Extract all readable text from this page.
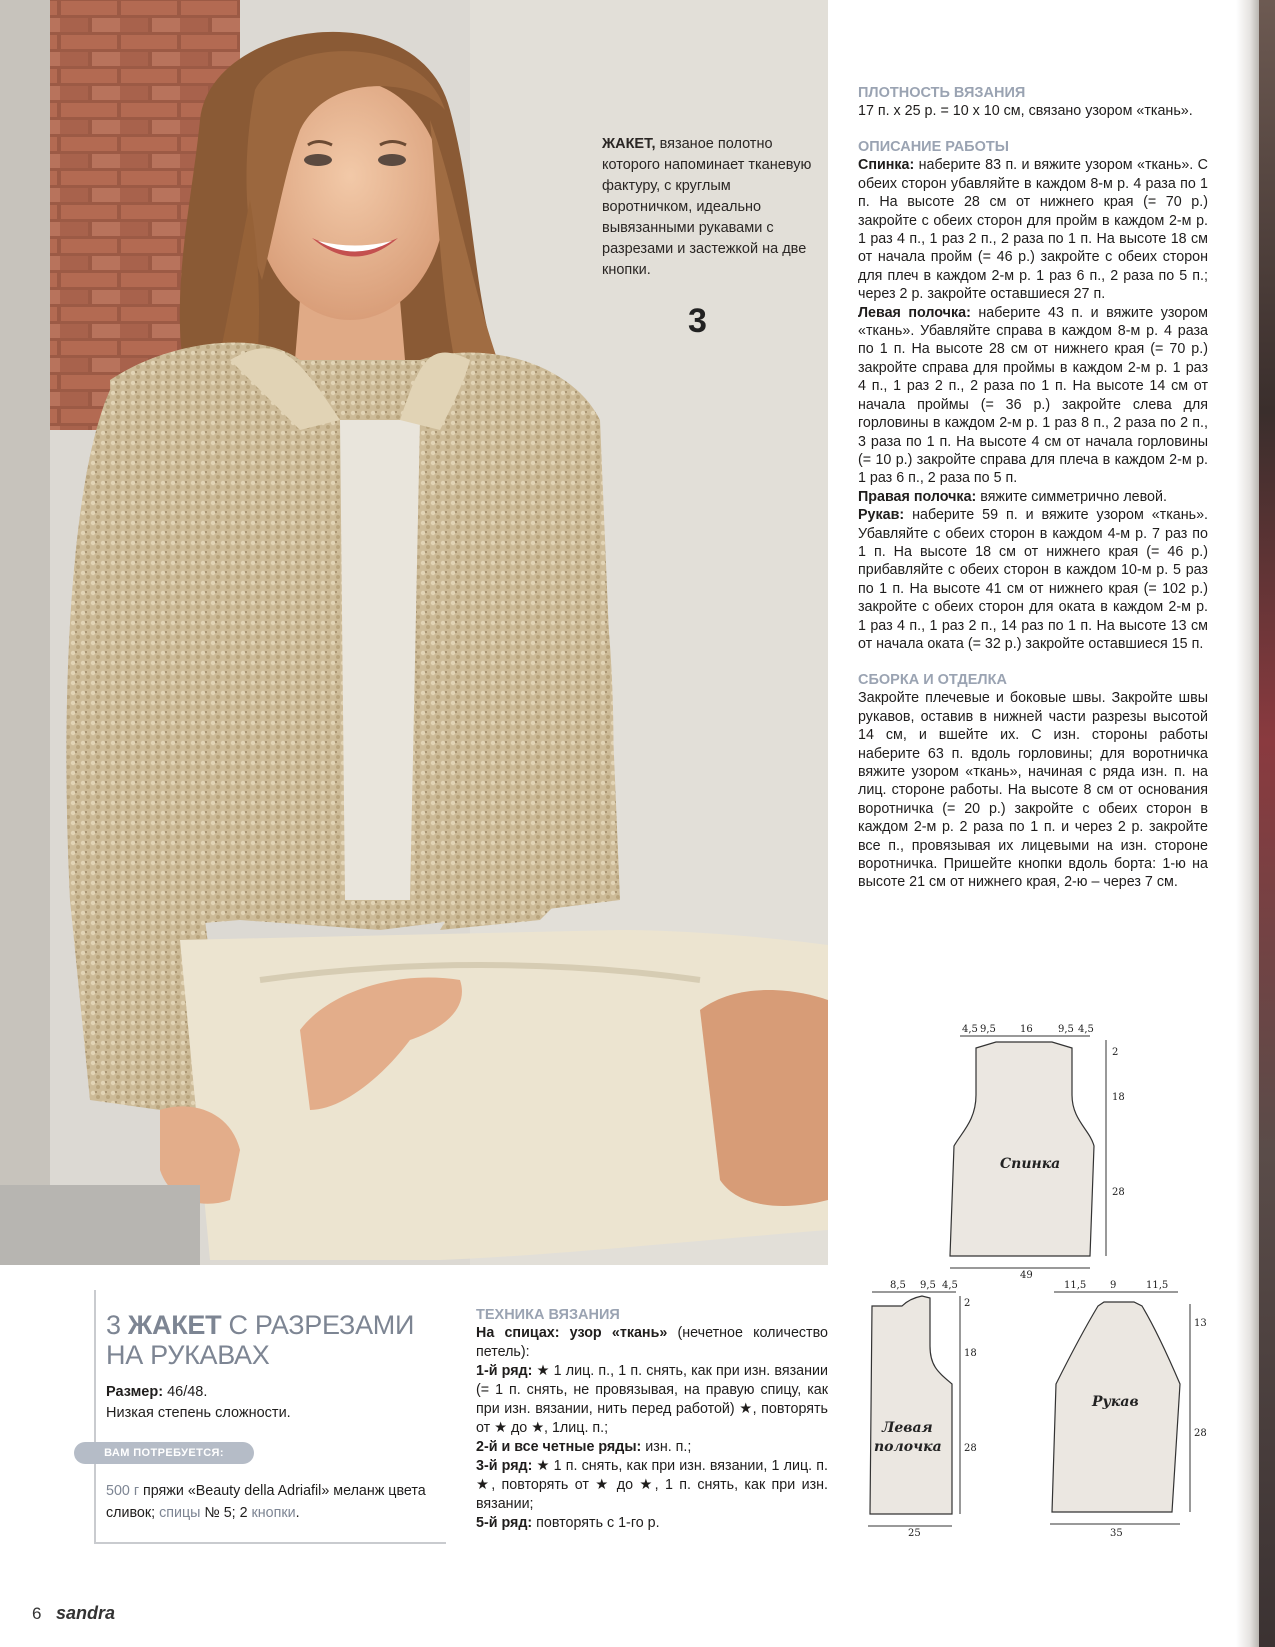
ЖАКЕТ, вязаное полотно которого напоминает тканевую фактуру, с круглым воротничком, идеально вывязанными рукавами с разрезами и застежкой на две кнопки.
3

ПЛОТНОСТЬ ВЯЗАНИЯ

17 п. x 25 р. = 10 x 10 см, связано узором «ткань».

ОПИСАНИЕ РАБОТЫ

Спинка: наберите 83 п. и вяжите узором «ткань». С обеих сторон убавляйте в каждом 8-м р. 4 раза по 1 п. На высоте 28 см от нижнего края (= 70 р.) закройте с обеих сторон для пройм в каждом 2-м р. 1 раз 4 п., 1 раз 2 п., 2 раза по 1 п. На высоте 18 см от начала пройм (= 46 р.) закройте с обеих сторон для плеч в каждом 2-м р. 1 раз 6 п., 2 раза по 5 п.; через 2 р. закройте оставшиеся 27 п.

Левая полочка: наберите 43 п. и вяжите узором «ткань». Убавляйте справа в каждом 8-м р. 4 раза по 1 п. На высоте 28 см от нижнего края (= 70 р.) закройте справа для проймы в каждом 2-м р. 1 раз 4 п., 1 раз 2 п., 2 раза по 1 п. На высоте 14 см от начала проймы (= 36 р.) закройте слева для горловины в каждом 2-м р. 1 раз 8 п., 2 раза по 2 п., 3 раза по 1 п. На высоте 4 см от начала горловины (= 10 р.) закройте справа для плеча в каждом 2-м р. 1 раз 6 п., 2 раза по 5 п.

Правая полочка: вяжите симметрично левой.

Рукав: наберите 59 п. и вяжите узором «ткань». Убавляйте с обеих сторон в каждом 4-м р. 7 раз по 1 п. На высоте 18 см от нижнего края (= 46 р.) прибавляйте с обеих сторон в каждом 10-м р. 5 раз по 1 п. На высоте 41 см от нижнего края (= 102 р.) закройте с обеих сторон для оката в каждом 2-м р. 1 раз 4 п., 1 раз 2 п., 14 раз по 1 п. На высоте 13 см от начала оката (= 32 р.) закройте оставшиеся 15 п.

СБОРКА И ОТДЕЛКА

Закройте плечевые и боковые швы. Закройте швы рукавов, оставив в нижней части разрезы высотой 14 см, и вшейте их. С изн. стороны работы наберите 63 п. вдоль горловины; для воротничка вяжите узором «ткань», начиная с ряда изн. п. на лиц. стороне работы. На высоте 8 см от основания воротничка (= 20 р.) закройте с обеих сторон в каждом 2-м р. 2 раза по 1 п. и через 2 р. закройте все п., провязывая их лицевыми на изн. стороне воротничка. Пришейте кнопки вдоль борта: 1-ю на высоте 21 см от нижнего края, 2-ю – через 7 см.

4,5 9,5 16	9,5 4,5
2
18
28
49
Спинка
8,5 9,5 4,5
2
18
28
25
Левая
полочка
11,5 9	11,5
13
28
35
Рукав
3 ЖАКЕТ С РАЗРЕЗАМИ
НА РУКАВАХ
Размер: 46/48.
Низкая степень сложности.
ВАМ ПОТРЕБУЕТСЯ:
500 г пряжи «Beauty della Adriafil» меланж цвета сливок; спицы № 5; 2 кнопки.

ТЕХНИКА ВЯЗАНИЯ

На спицах: узор «ткань» (нечетное количество петель):

1-й ряд: ★ 1 лиц. п., 1 п. снять, как при изн. вязании (= 1 п. снять, не провязывая, на правую спицу, как при изн. вязании, нить перед работой) ★, повторять от ★ до ★, 1лиц. п.;

2-й и все четные ряды: изн. п.;

3-й ряд: ★ 1 п. снять, как при изн. вязании, 1 лиц. п. ★, повторять от ★ до ★, 1 п. снять, как при изн. вязании;

5-й ряд: повторять с 1-го р.

6 sandra
